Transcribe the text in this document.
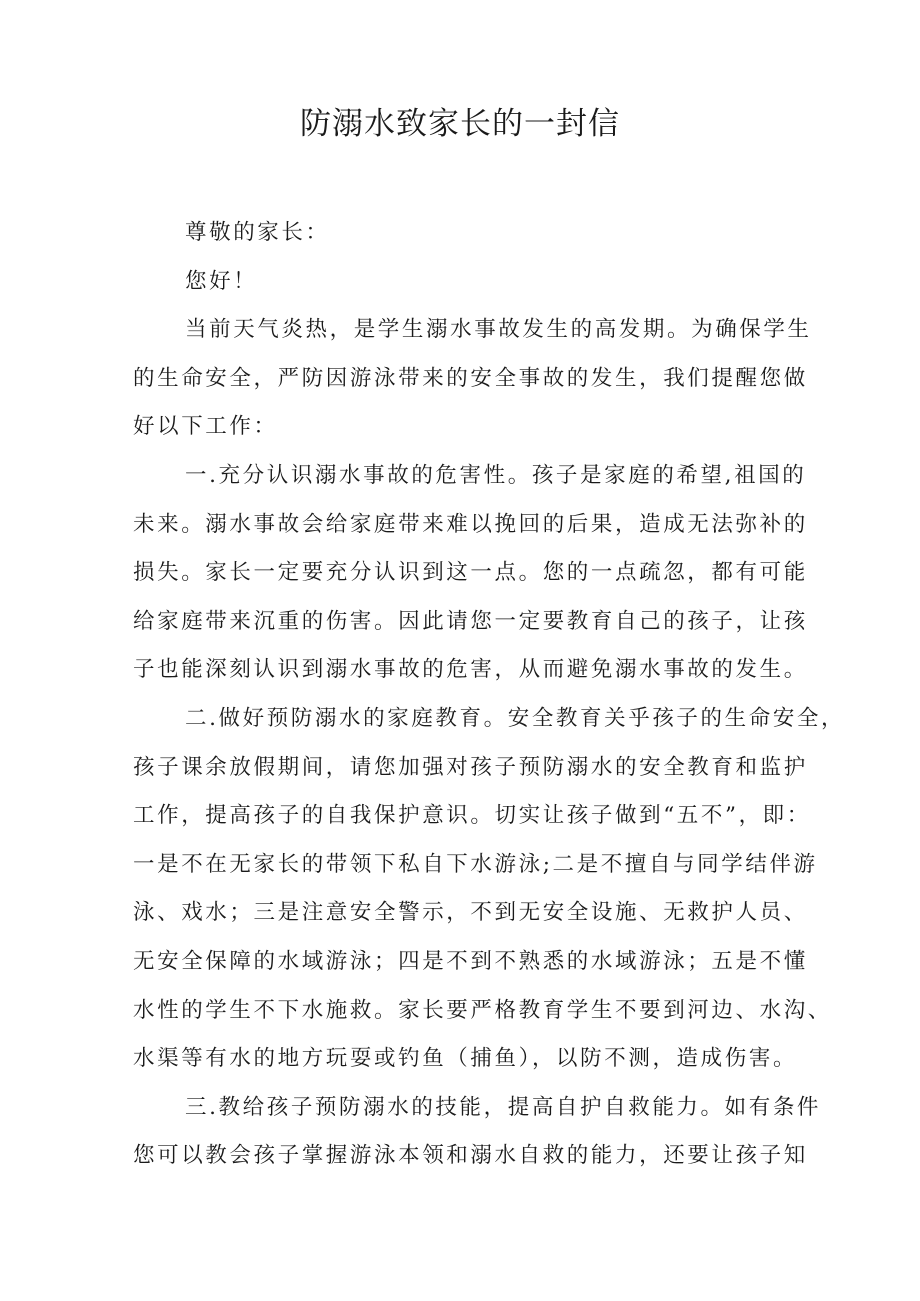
防溺水致家长的一封信
尊敬的家长：
您好！
当前天气炎热，是学生溺水事故发生的高发期。为确保学生
的生命安全，严防因游泳带来的安全事故的发生，我们提醒您做
好以下工作：
一.充分认识溺水事故的危害性。孩子是家庭的希望,祖国的
未来。溺水事故会给家庭带来难以挽回的后果，造成无法弥补的
损失。家长一定要充分认识到这一点。您的一点疏忽，都有可能
给家庭带来沉重的伤害。因此请您一定要教育自己的孩子，让孩
子也能深刻认识到溺水事故的危害，从而避免溺水事故的发生。
二.做好预防溺水的家庭教育。安全教育关乎孩子的生命安全，
孩子课余放假期间，请您加强对孩子预防溺水的安全教育和监护
工作，提高孩子的自我保护意识。切实让孩子做到“五不”，即：
一是不在无家长的带领下私自下水游泳;二是不擅自与同学结伴游
泳、戏水；三是注意安全警示，不到无安全设施、无救护人员、
无安全保障的水域游泳；四是不到不熟悉的水域游泳；五是不懂
水性的学生不下水施救。家长要严格教育学生不要到河边、水沟、
水渠等有水的地方玩耍或钓鱼（捕鱼），以防不测，造成伤害。
三.教给孩子预防溺水的技能，提高自护自救能力。如有条件
您可以教会孩子掌握游泳本领和溺水自救的能力，还要让孩子知
